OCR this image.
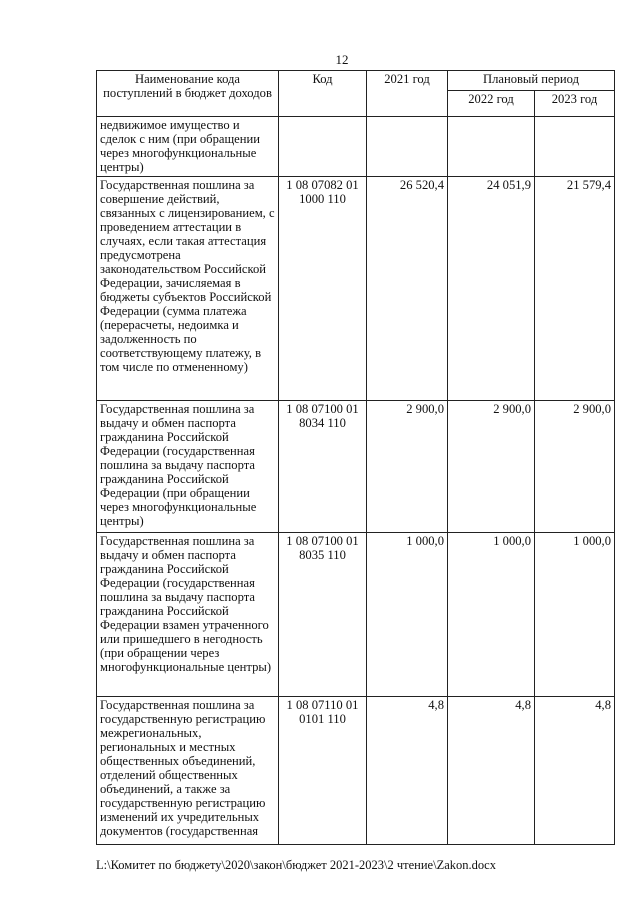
12
Наименование кода поступлений в бюджет доходов	Код	2021 год	Плановый период	
			2022 год	2023 год
недвижимое имущество и сделок с ним (при обращении через многофункциональные центры)				
Государственная пошлина за совершение действий, связанных с лицензированием, с проведением аттестации в случаях, если такая аттестация предусмотрена законодательством Российской Федерации, зачисляемая в бюджеты субъектов Российской Федерации (сумма платежа (перерасчеты, недоимка и задолженность по соответствующему платежу, в том числе по отмененному)	1 08 07082 01 1000 110	26 520,4	24 051,9	21 579,4
Государственная пошлина за выдачу и обмен паспорта гражданина Российской Федерации (государственная пошлина за выдачу паспорта гражданина Российской Федерации (при обращении через многофункциональные центры)	1 08 07100 01 8034 110	2 900,0	2 900,0	2 900,0
Государственная пошлина за выдачу и обмен паспорта гражданина Российской Федерации (государственная пошлина за выдачу паспорта гражданина Российской Федерации взамен утраченного или пришедшего в негодность (при обращении через многофункциональные центры)	1 08 07100 01 8035 110	1 000,0	1 000,0	1 000,0
Государственная пошлина за государственную регистрацию межрегиональных, региональных и местных общественных объединений, отделений общественных объединений, а также за государственную регистрацию изменений их учредительных документов (государственная	1 08 07110 01 0101 110	4,8	4,8	4,8
L:\Комитет по бюджету\2020\закон\бюджет 2021-2023\2 чтение\Zakon.docx
